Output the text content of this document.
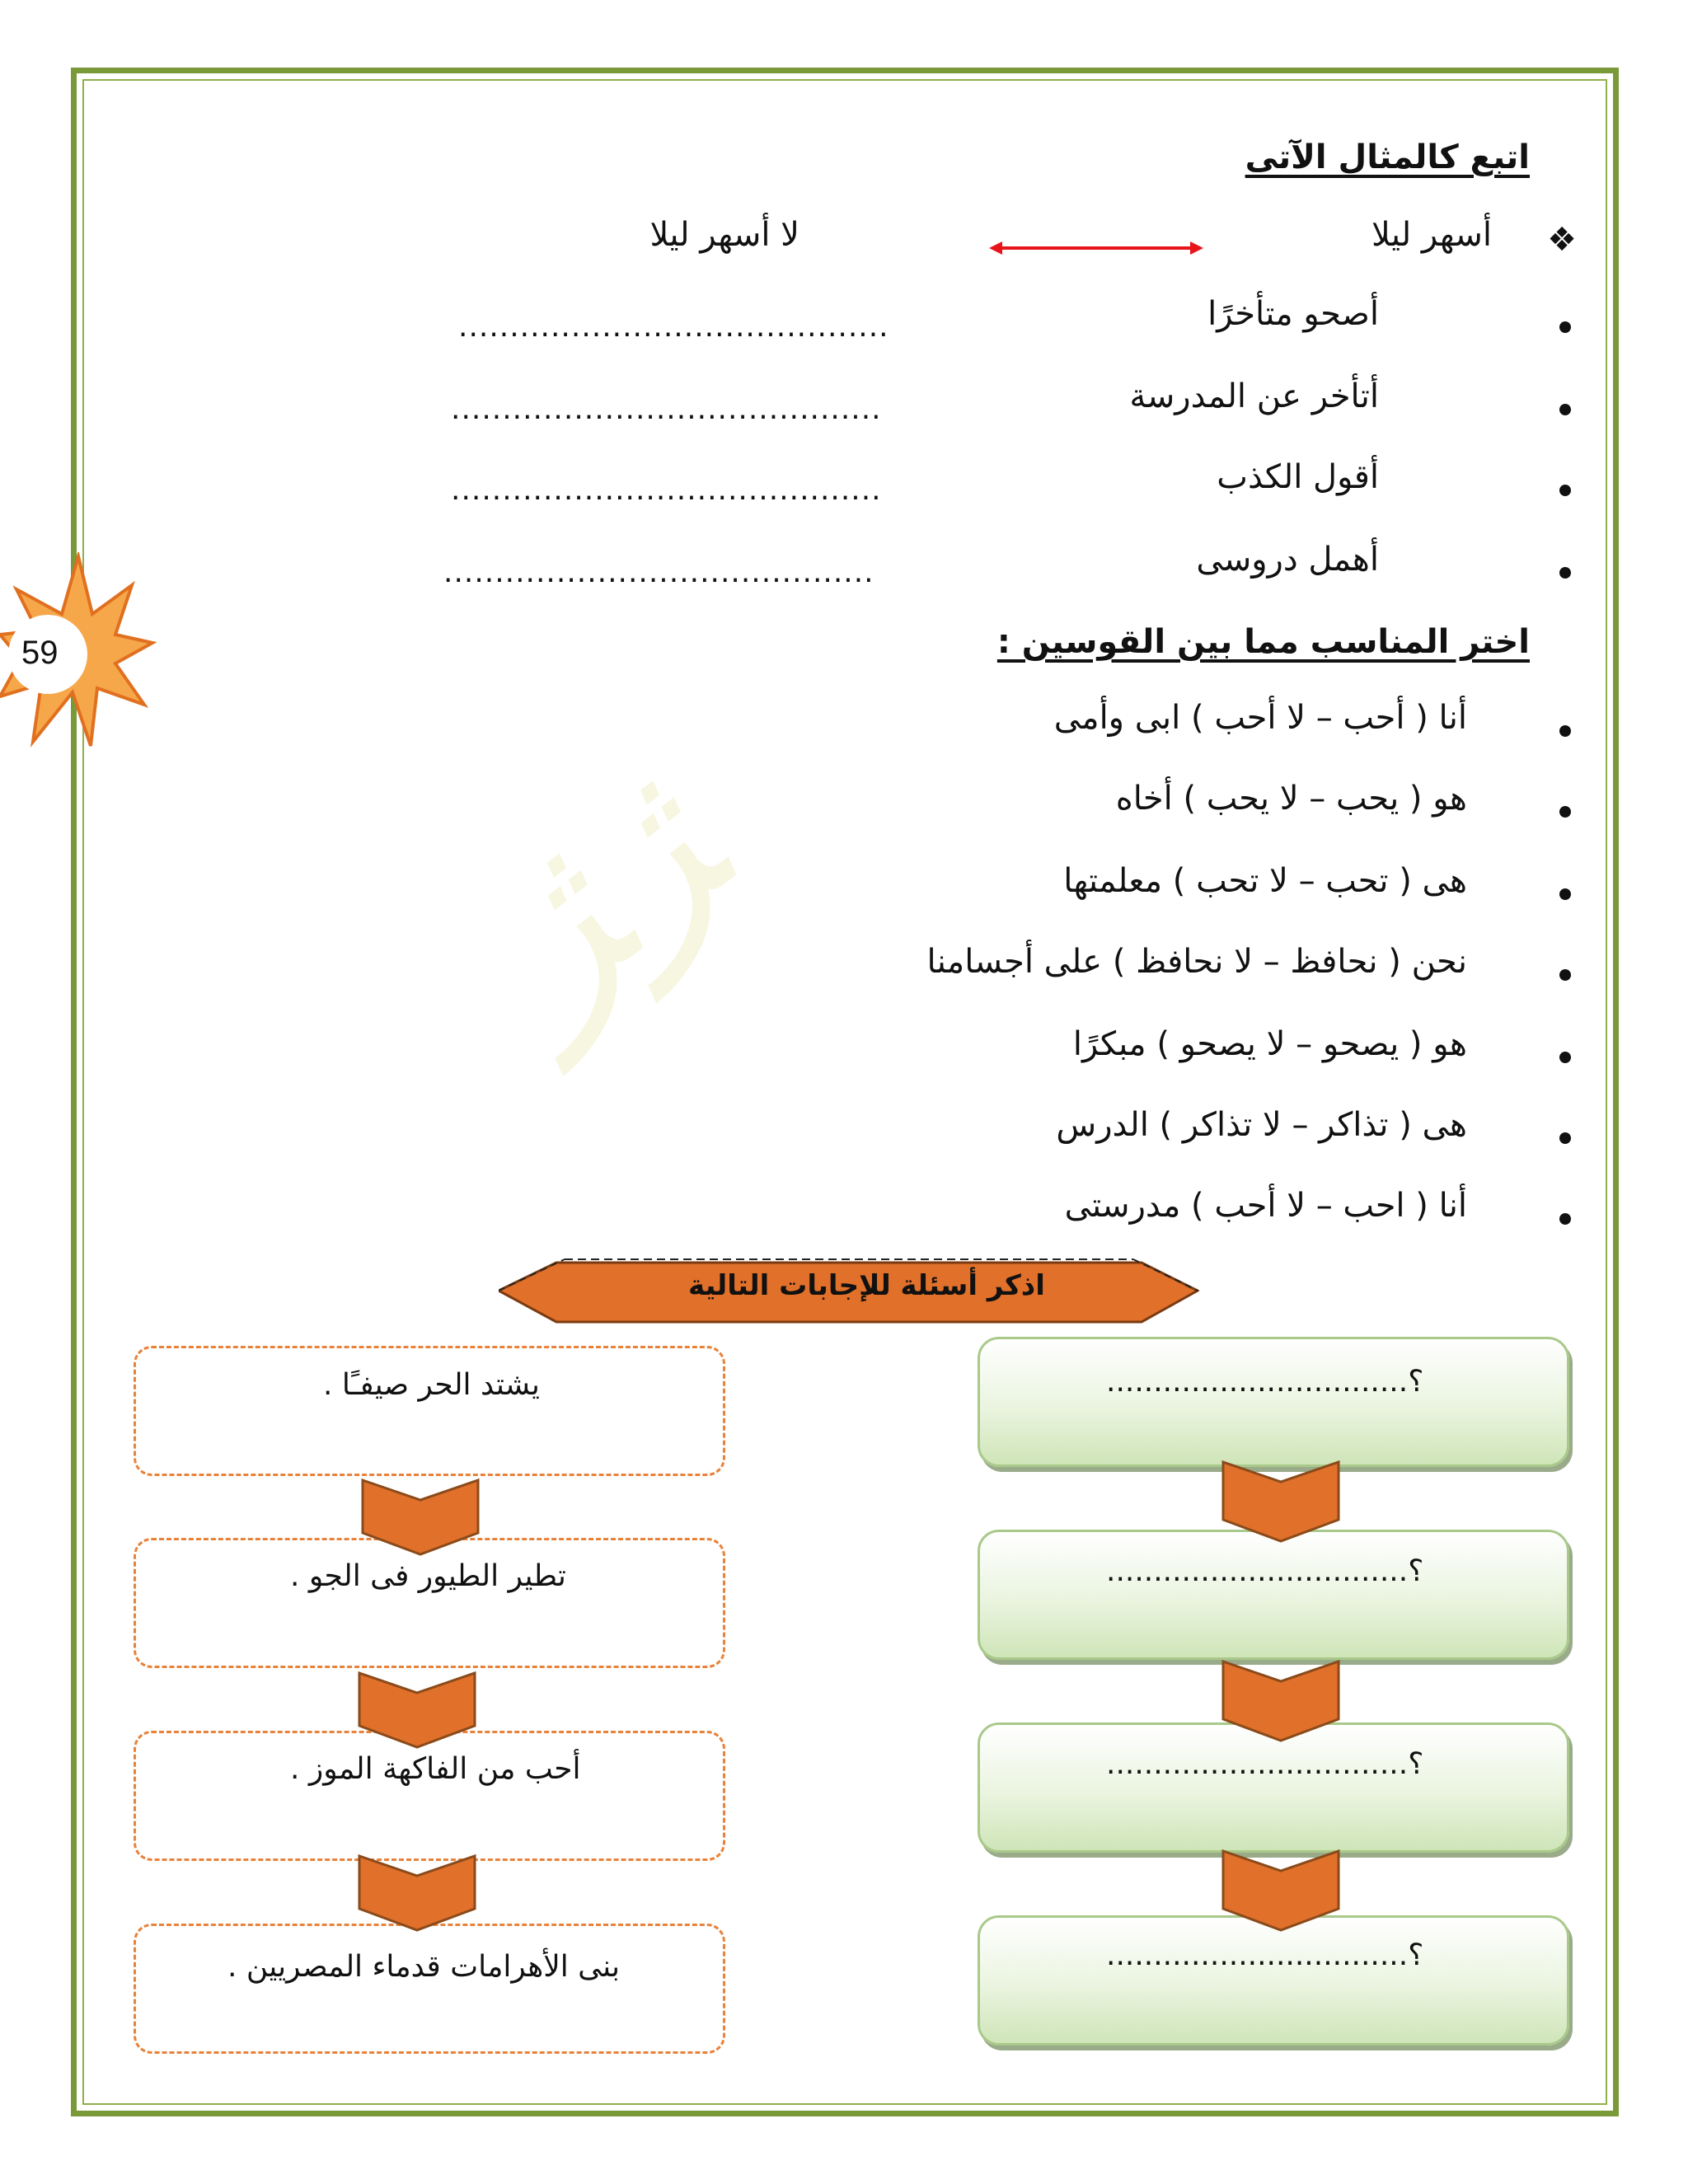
ﮋﮋ
59
اتبع كالمثال الآتى
❖
أسهر ليلا
لا أسهر ليلا
أصحو متأخرًا
..........................................
أتأخر عن المدرسة
..........................................
أقول الكذب
..........................................
أهمل دروسى
..........................................
اختر المناسب مما بين القوسين :
أنا ( أحب – لا أحب ) ابى وأمى
هو ( يحب – لا يحب ) أخاه
هى ( تحب – لا تحب ) معلمتها
نحن ( نحافظ – لا نحافظ ) على أجسامنا
هو ( يصحو – لا يصحو ) مبكرًا
هى ( تذاكر – لا تذاكر ) الدرس
أنا ( احب – لا أحب ) مدرستى
اذكر أسئلة للإجابات التالية
يشتد الحر صيفـًا .
تطير الطيور فى الجو .
أحب من الفاكهة الموز .
بنى الأهرامات قدماء المصريين .
................................؟
................................؟
................................؟
................................؟
